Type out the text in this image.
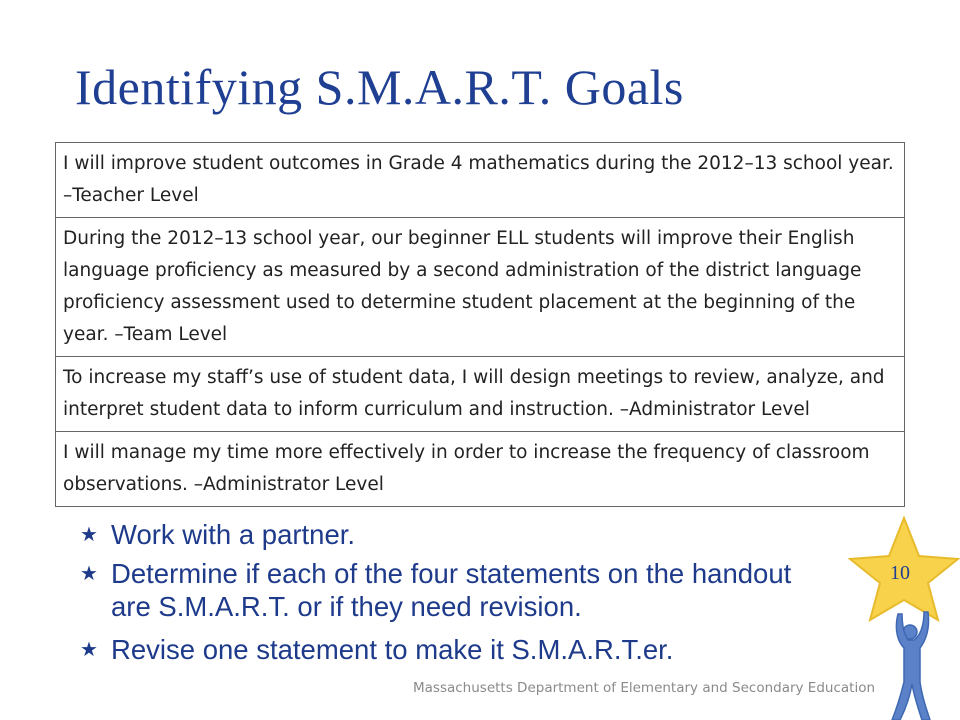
Identifying S.M.A.R.T. Goals
I will improve student outcomes in Grade 4 mathematics during the 2012–13 school year. –Teacher Level
During the 2012–13 school year, our beginner ELL students will improve their English language proficiency as measured by a second administration of the district language proficiency assessment used to determine student placement at the beginning of the year. –Team Level
To increase my staff’s use of student data, I will design meetings to review, analyze, and interpret student data to inform curriculum and instruction. –Administrator Level
I will manage my time more effectively in order to increase the frequency of classroom observations. –Administrator Level
★ Work with a partner.
★ Determine if each of the four statements on the handout are S.M.A.R.T. or if they need revision.
★ Revise one statement to make it S.M.A.R.T.er.
10
Massachusetts Department of Elementary and Secondary Education
